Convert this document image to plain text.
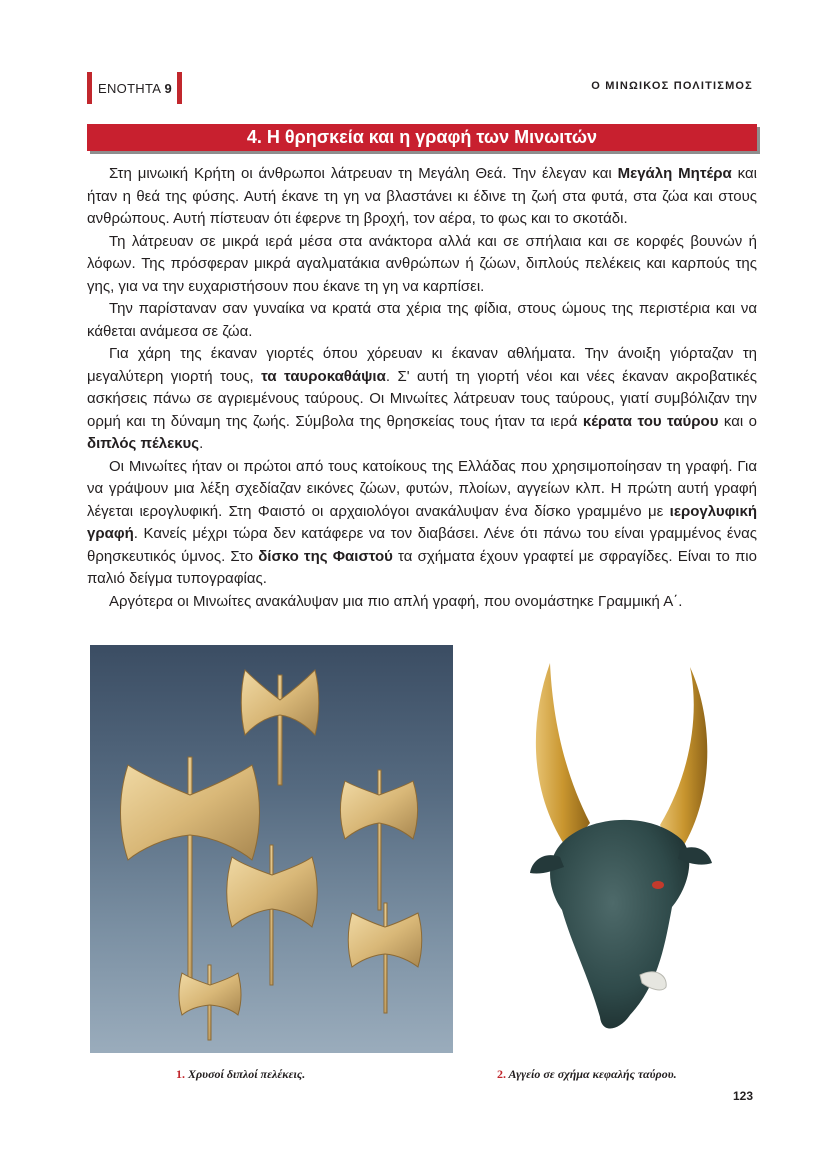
ΕΝΟΤΗΤΑ 9	Ο ΜΙΝΩΙΚΟΣ ΠΟΛΙΤΙΣΜΟΣ
4. Η θρησκεία και η γραφή των Μινωιτών

Στη μινωική Κρήτη οι άνθρωποι λάτρευαν τη Μεγάλη Θεά. Την έλεγαν και Μεγάλη Μητέρα και ήταν η θεά της φύσης. Αυτή έκανε τη γη να βλαστάνει κι έδινε τη ζωή στα φυτά, στα ζώα και στους ανθρώπους. Αυτή πίστευαν ότι έφερνε τη βροχή, τον αέρα, το φως και το σκοτάδι.

Τη λάτρευαν σε μικρά ιερά μέσα στα ανάκτορα αλλά και σε σπήλαια και σε κορφές βουνών ή λόφων. Της πρόσφεραν μικρά αγαλματάκια ανθρώπων ή ζώων, διπλούς πελέκεις και καρπούς της γης, για να την ευχαριστήσουν που έκανε τη γη να καρπίσει.

Την παρίσταναν σαν γυναίκα να κρατά στα χέρια της φίδια, στους ώμους της περιστέρια και να κάθεται ανάμεσα σε ζώα.

Για χάρη της έκαναν γιορτές όπου χόρευαν κι έκαναν αθλήματα. Την άνοιξη γιόρταζαν τη μεγαλύτερη γιορτή τους, τα ταυροκαθάψια. Σ' αυτή τη γιορτή νέοι και νέες έκαναν ακροβατικές ασκήσεις πάνω σε αγριεμένους ταύρους. Οι Μινωίτες λάτρευαν τους ταύρους, γιατί συμβόλιζαν την ορμή και τη δύναμη της ζωής. Σύμβολα της θρησκείας τους ήταν τα ιερά κέρατα του ταύρου και ο διπλός πέλεκυς.

Οι Μινωίτες ήταν οι πρώτοι από τους κατοίκους της Ελλάδας που χρησιμοποίησαν τη γραφή. Για να γράψουν μια λέξη σχεδίαζαν εικόνες ζώων, φυτών, πλοίων, αγγείων κλπ. Η πρώτη αυτή γραφή λέγεται ιερογλυφική. Στη Φαιστό οι αρχαιολόγοι ανακάλυψαν ένα δίσκο γραμμένο με ιερογλυφική γραφή. Κανείς μέχρι τώρα δεν κατάφερε να τον διαβάσει. Λένε ότι πάνω του είναι γραμμένος ένας θρησκευτικός ύμνος. Στο δίσκο της Φαιστού τα σχήματα έχουν γραφτεί με σφραγίδες. Είναι το πιο παλιό δείγμα τυπογραφίας.

Αργότερα οι Μινωίτες ανακάλυψαν μια πιο απλή γραφή, που ονομάστηκε Γραμμική Α΄.

1. Χρυσοί διπλοί πελέκεις.	2. Αγγείο σε σχήμα κεφαλής ταύρου.
123
